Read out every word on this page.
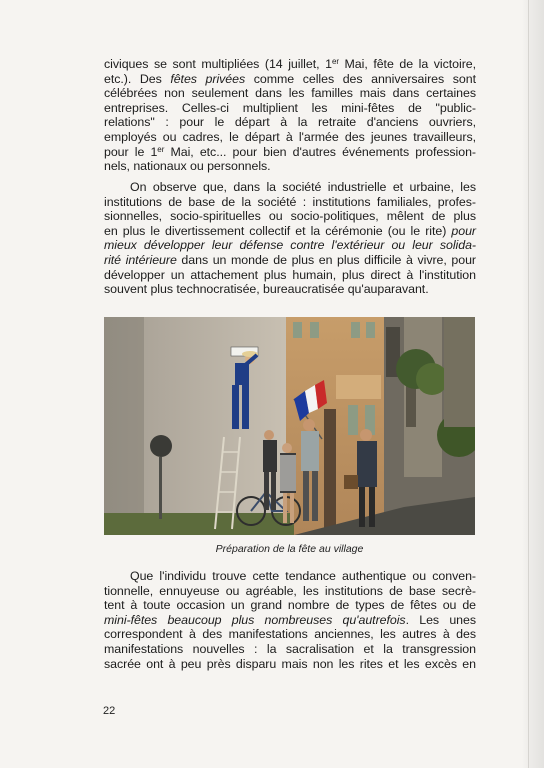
civiques se sont multipliées (14 juillet, 1er Mai, fête de la victoire,
etc.). Des fêtes privées comme celles des anniversaires sont
célébrées non seulement dans les familles mais dans certaines
entreprises. Celles-ci multiplient les mini-fêtes de "public-
relations" : pour le départ à la retraite d'anciens ouvriers,
employés ou cadres, le départ à l'armée des jeunes travailleurs,
pour le 1er Mai, etc... pour bien d'autres événements profession-
nels, nationaux ou personnels.
On observe que, dans la société industrielle et urbaine, les
institutions de base de la société : institutions familiales, profes-
sionnelles, socio-spirituelles ou socio-politiques, mêlent de plus
en plus le divertissement collectif et la cérémonie (ou le rite) pour
mieux développer leur défense contre l'extérieur ou leur solida-
rité intérieure dans un monde de plus en plus difficile à vivre, pour
développer un attachement plus humain, plus direct à l'institution
souvent plus technocratisée, bureaucratisée qu'auparavant.
Préparation de la fête au village
Que l'individu trouve cette tendance authentique ou conven-
tionnelle, ennuyeuse ou agréable, les institutions de base secrè-
tent à toute occasion un grand nombre de types de fêtes ou de
mini-fêtes beaucoup plus nombreuses qu'autrefois. Les unes
correspondent à des manifestations anciennes, les autres à des
manifestations nouvelles : la sacralisation et la transgression
sacrée ont à peu près disparu mais non les rites et les excès en
22
